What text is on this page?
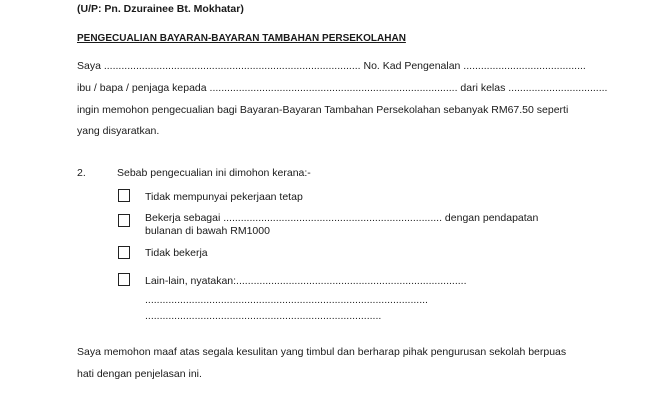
(U/P: Pn. Dzurainee Bt. Mokhatar)
PENGECUALIAN BAYARAN-BAYARAN TAMBAHAN PERSEKOLAHAN
Saya ........................................................................................ No. Kad Pengenalan ..........................................
ibu / bapa / penjaga kepada ..................................................................................... dari kelas ..................................
ingin memohon pengecualian bagi Bayaran-Bayaran Tambahan Persekolahan sebanyak RM67.50 seperti
yang disyaratkan.
2.	Sebab pengecualian ini dimohon kerana:-
Tidak mempunyai pekerjaan tetap
Bekerja sebagai ........................................................................... dengan pendapatan
bulanan di bawah RM1000
Tidak bekerja
Lain-lain, nyatakan:...............................................................................
.................................................................................................
.................................................................................
Saya memohon maaf atas segala kesulitan yang timbul dan berharap pihak pengurusan sekolah berpuas
hati dengan penjelasan ini.
